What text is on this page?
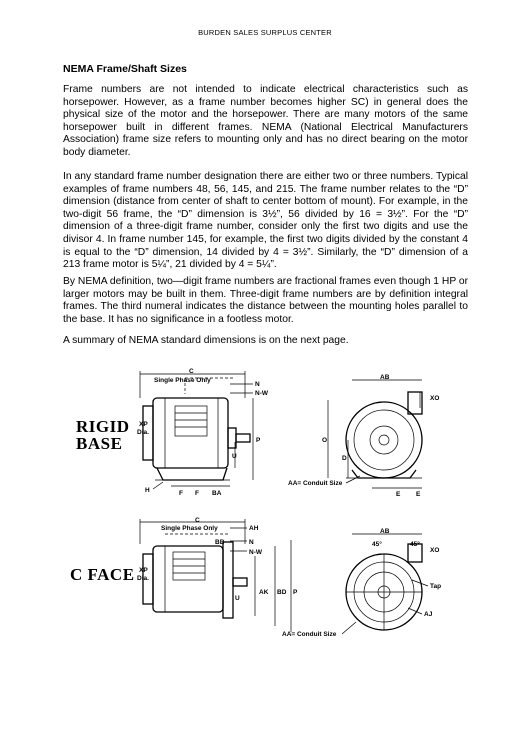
BURDEN SALES SURPLUS CENTER
NEMA Frame/Shaft Sizes
Frame numbers are not intended to indicate electrical characteristics such as horsepower. However, as a frame number becomes higher SC) in general does the physical size of the motor and the horsepower. There are many motors of the same horsepower built in different frames. NEMA (National Electrical Manufacturers Association) frame size refers to mounting only and has no direct bearing on the motor body diameter.
In any standard frame number designation there are either two or three numbers. Typical examples of frame numbers 48, 56, 145, and 215. The frame number relates to the “D” dimension (distance from center of shaft to center bottom of mount). For example, in the two-digit 56 frame, the “D” dimension is 3½”, 56 divided by 16 = 3½”. For the “D” dimension of a three-digit frame number, consider only the first two digits and use the divisor 4. In frame number 145, for example, the first two digits divided by the constant 4 is equal to the “D” dimension, 14 divided by 4 = 3½”. Similarly, the “D” dimension of a 213 frame motor is 5¼”, 21 divided by 4 = 5¼”.
By NEMA definition, two—digit frame numbers are fractional frames even though 1 HP or larger motors may be built in them. Three-digit frame numbers are by definition integral frames. The third numeral indicates the distance between the mounting holes parallel to the base. It has no significance in a footless motor.
A summary of NEMA standard dimensions is on the next page.
RIGID
BASE
C FACE
C
Single Phase Only
N
N-W
XP
Dia.
P
U
H	F F BA
AB
XO
O
D
AA= Conduit Size
E E
C
Single Phase Only	AH
BB	N
N-W
XP
Dia.
U
AK BD P
AB
45°	45°
XO
Tap
AJ
AA= Conduit Size
